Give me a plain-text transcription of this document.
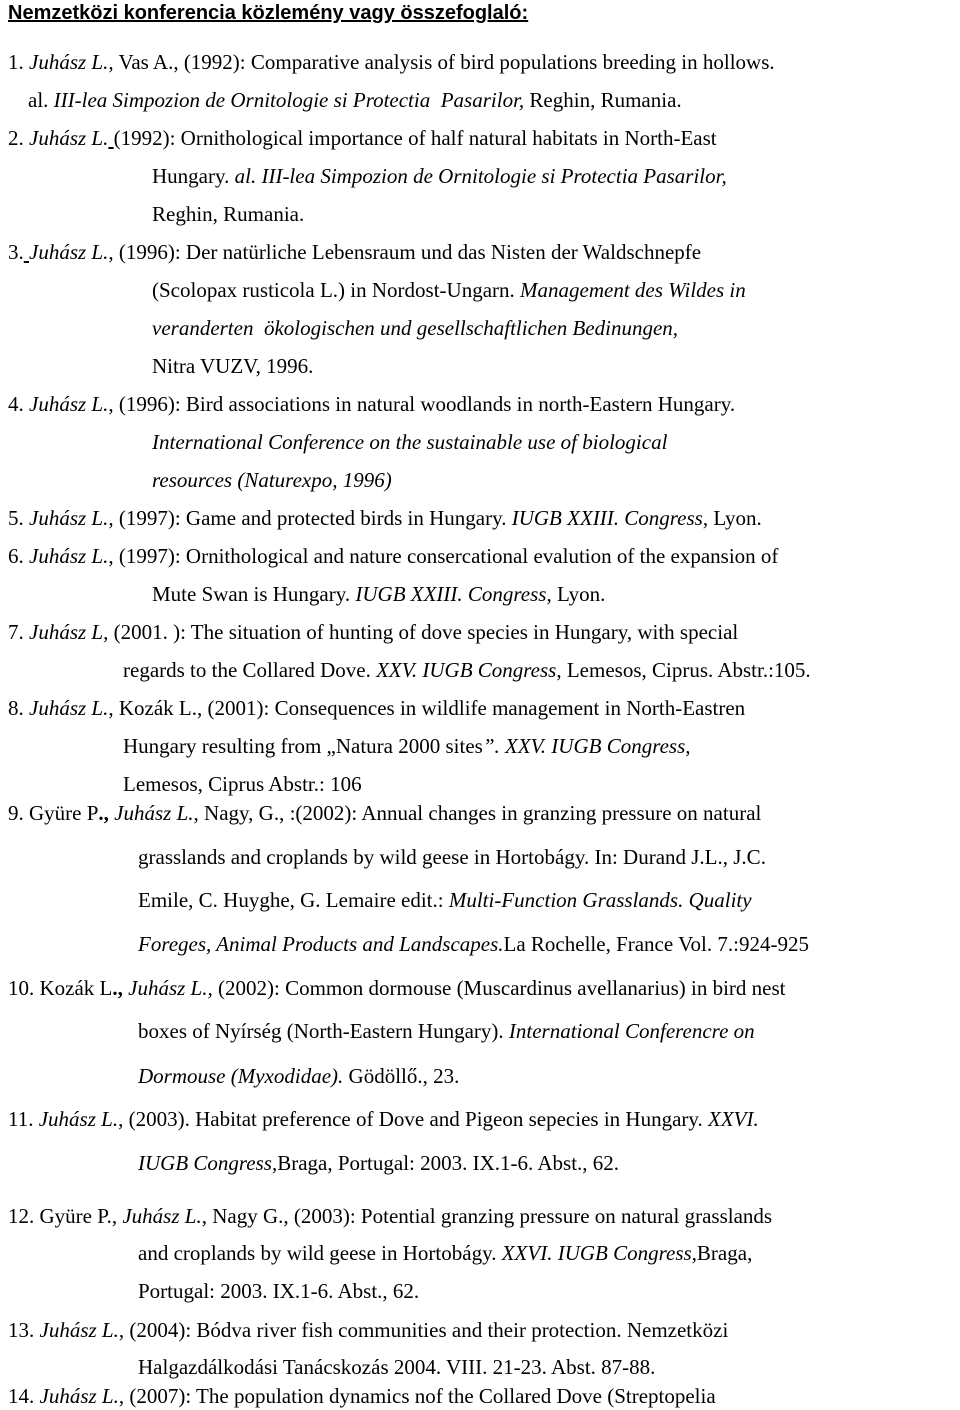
Nemzetközi konferencia közlemény vagy összefoglaló:
1. Juhász L., Vas A., (1992): Comparative analysis of bird populations breeding in hollows.
al. III-lea Simpozion de Ornitologie si Protectia  Pasarilor, Reghin, Rumania.
2. Juhász L. (1992): Ornithological importance of half natural habitats in North-East
Hungary. al. III-lea Simpozion de Ornitologie si Protectia Pasarilor,
Reghin, Rumania.
3. Juhász L., (1996): Der natürliche Lebensraum und das Nisten der Waldschnepfe
(Scolopax rusticola L.) in Nordost-Ungarn. Management des Wildes in
veranderten  ökologischen und gesellschaftlichen Bedinungen,
Nitra VUZV, 1996.
4. Juhász L., (1996): Bird associations in natural woodlands in north-Eastern Hungary.
International Conference on the sustainable use of biological
resources (Naturexpo, 1996)
5. Juhász L., (1997): Game and protected birds in Hungary. IUGB XXIII. Congress, Lyon.
6. Juhász L., (1997): Ornithological and nature consercational evalution of the expansion of
Mute Swan is Hungary. IUGB XXIII. Congress, Lyon.
7. Juhász L, (2001. ): The situation of hunting of dove species in Hungary, with special
regards to the Collared Dove. XXV. IUGB Congress, Lemesos, Ciprus. Abstr.:105.
8. Juhász L., Kozák L., (2001): Consequences in wildlife management in North-Eastren
Hungary resulting from „Natura 2000 sites”. XXV. IUGB Congress,
Lemesos, Ciprus Abstr.: 106
9. Gyüre P., Juhász L., Nagy, G., :(2002): Annual changes in granzing pressure on natural
grasslands and croplands by wild geese in Hortobágy. In: Durand J.L., J.C.
Emile, C. Huyghe, G. Lemaire edit.: Multi-Function Grasslands. Quality
Foreges, Animal Products and Landscapes.La Rochelle, France Vol. 7.:924-925
10. Kozák L., Juhász L., (2002): Common dormouse (Muscardinus avellanarius) in bird nest
boxes of Nyírség (North-Eastern Hungary). International Conferencre on
Dormouse (Myxodidae). Gödöllő., 23.
11. Juhász L., (2003). Habitat preference of Dove and Pigeon sepecies in Hungary. XXVI.
IUGB Congress,Braga, Portugal: 2003. IX.1-6. Abst., 62.
12. Gyüre P., Juhász L., Nagy G., (2003): Potential granzing pressure on natural grasslands
and croplands by wild geese in Hortobágy. XXVI. IUGB Congress,Braga,
Portugal: 2003. IX.1-6. Abst., 62.
13. Juhász L., (2004): Bódva river fish communities and their protection. Nemzetközi
Halgazdálkodási Tanácskozás 2004. VIII. 21-23. Abst. 87-88.
14. Juhász L., (2007): The population dynamics nof the Collared Dove (Streptopelia
